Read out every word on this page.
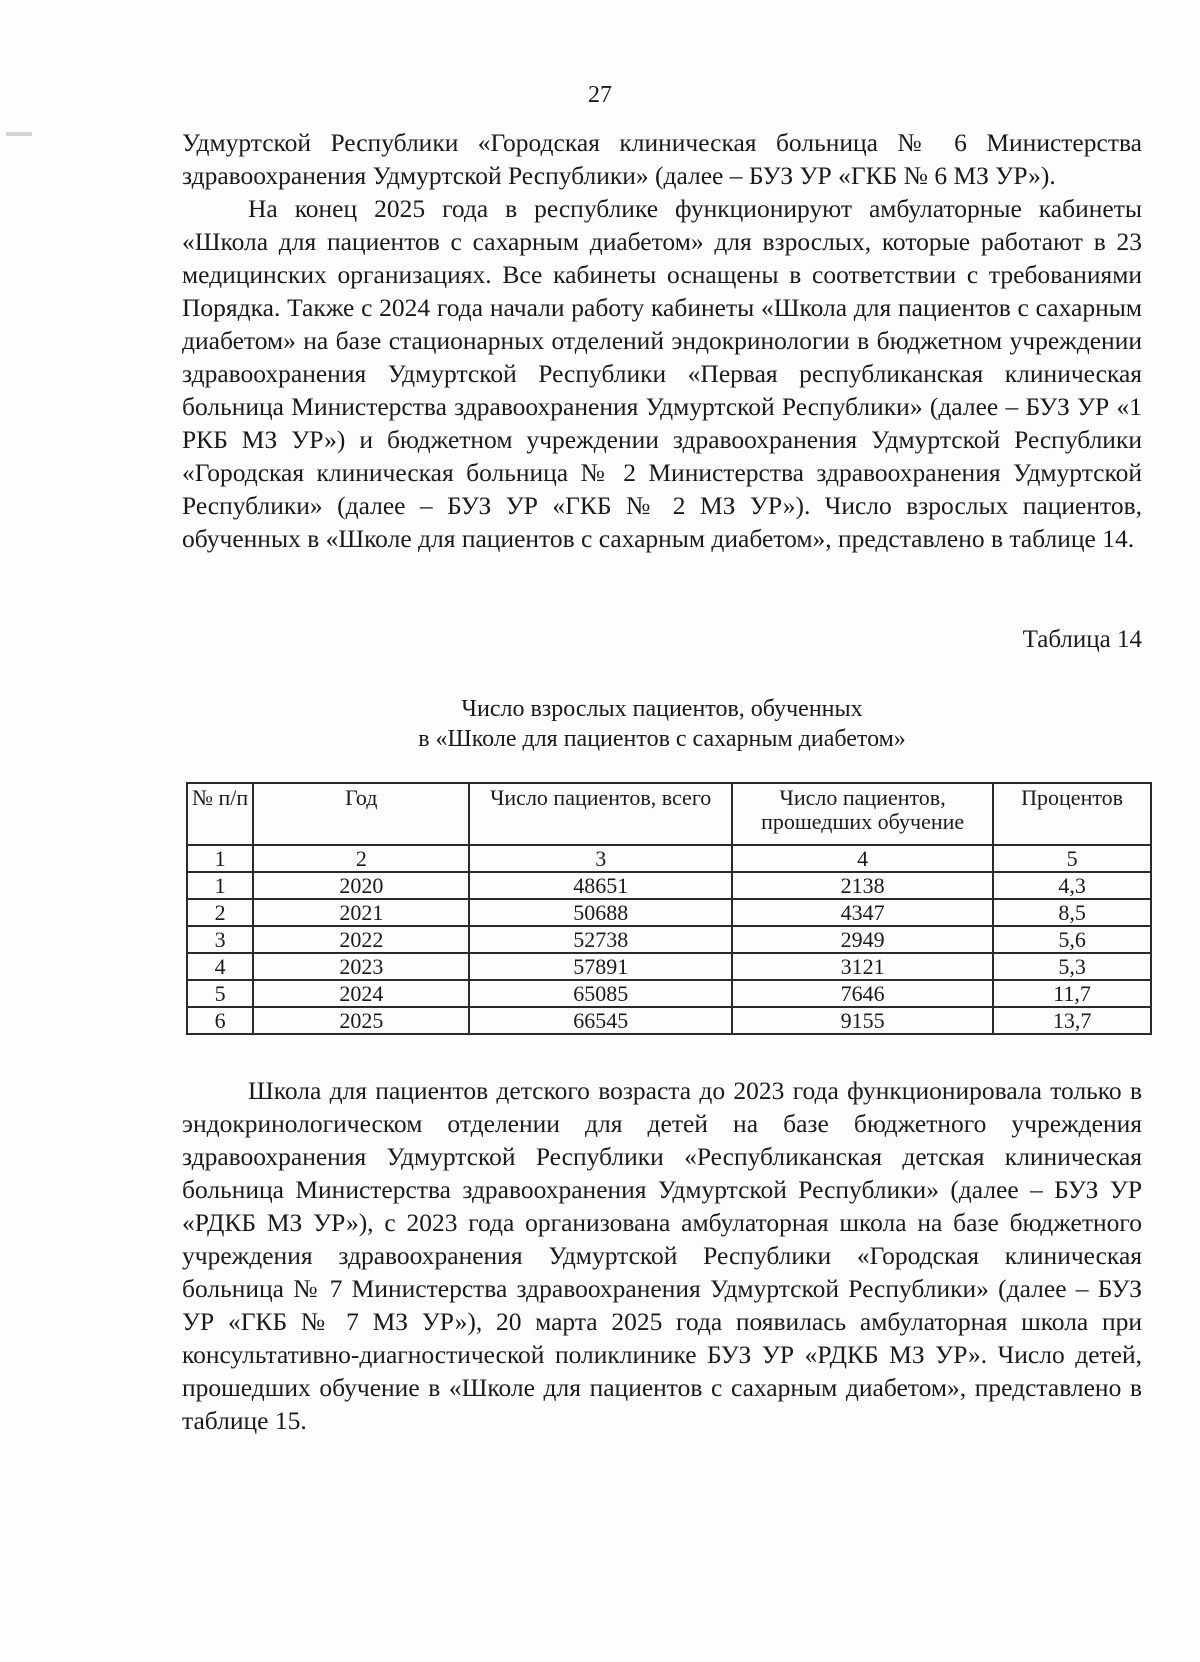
27

Удмуртской Республики «Городская клиническая больница № 6 Министерства здравоохранения Удмуртской Республики» (далее – БУЗ УР «ГКБ № 6 МЗ УР»).

На конец 2025 года в республике функционируют амбулаторные кабинеты «Школа для пациентов с сахарным диабетом» для взрослых, которые работают в 23 медицинских организациях. Все кабинеты оснащены в соответствии с требованиями Порядка. Также с 2024 года начали работу кабинеты «Школа для пациентов с сахарным диабетом» на базе стационарных отделений эндокринологии в бюджетном учреждении здравоохранения Удмуртской Республики «Первая республиканская клиническая больница Министерства здравоохранения Удмуртской Республики» (далее – БУЗ УР «1 РКБ МЗ УР») и бюджетном учреждении здравоохранения Удмуртской Республики «Городская клиническая больница № 2 Министерства здравоохранения Удмуртской Республики» (далее – БУЗ УР «ГКБ № 2 МЗ УР»). Число взрослых пациентов, обученных в «Школе для пациентов с сахарным диабетом», представлено в таблице 14.

Таблица 14
Число взрослых пациентов, обученных
в «Школе для пациентов с сахарным диабетом»
№ п/п	Год	Число пациентов, всего	Число пациентов, прошедших обучение	Процентов
1	2	3	4	5
1	2020	48651	2138	4,3
2	2021	50688	4347	8,5
3	2022	52738	2949	5,6
4	2023	57891	3121	5,3
5	2024	65085	7646	11,7
6	2025	66545	9155	13,7

Школа для пациентов детского возраста до 2023 года функционировала только в эндокринологическом отделении для детей на базе бюджетного учреждения здравоохранения Удмуртской Республики «Республиканская детская клиническая больница Министерства здравоохранения Удмуртской Республики» (далее – БУЗ УР «РДКБ МЗ УР»), с 2023 года организована амбулаторная школа на базе бюджетного учреждения здравоохранения Удмуртской Республики «Городская клиническая больница № 7 Министерства здравоохранения Удмуртской Республики» (далее – БУЗ УР «ГКБ № 7 МЗ УР»), 20 марта 2025 года появилась амбулаторная школа при консультативно-диагностической поликлинике БУЗ УР «РДКБ МЗ УР». Число детей, прошедших обучение в «Школе для пациентов с сахарным диабетом», представлено в таблице 15.
